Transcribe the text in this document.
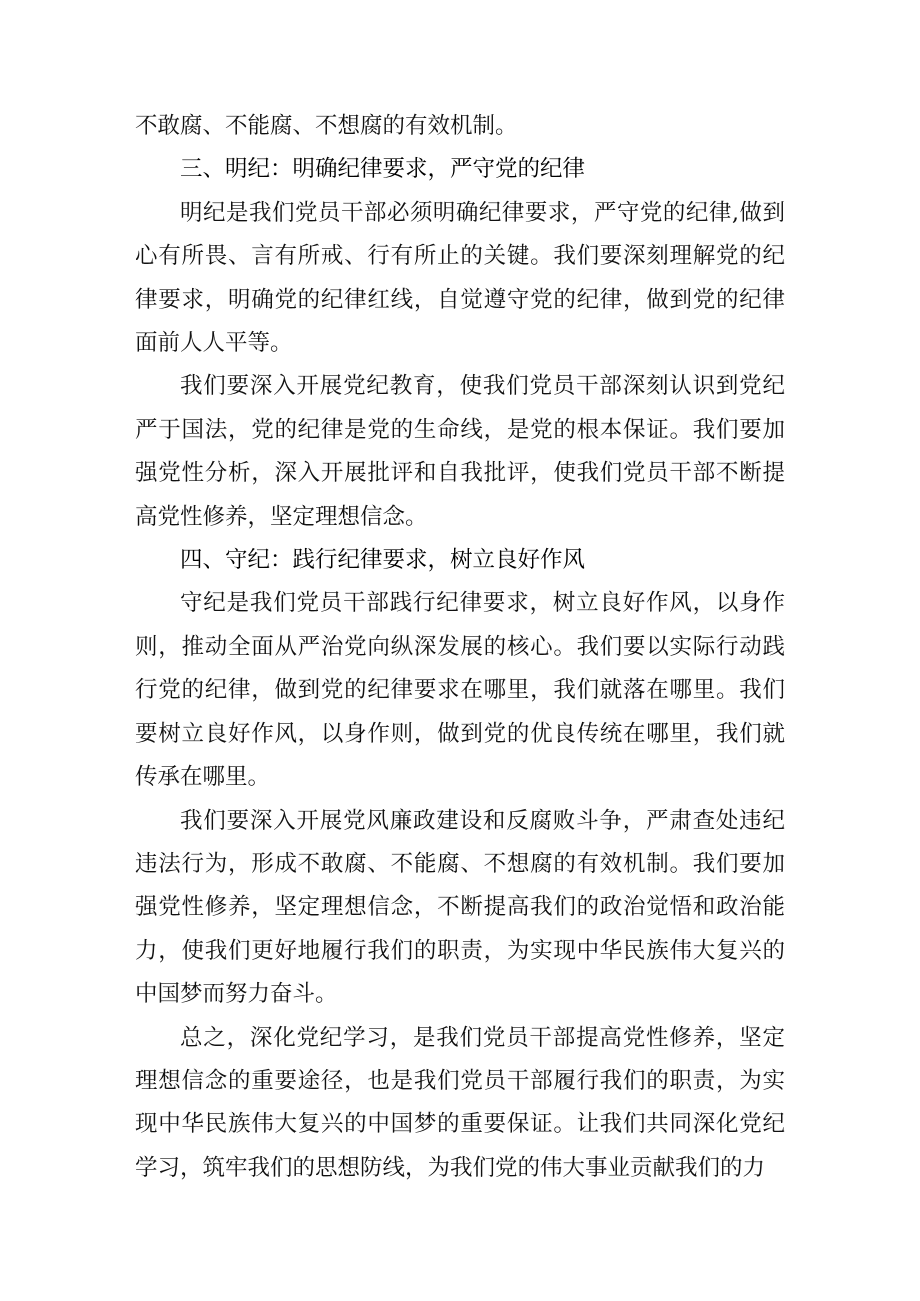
不敢腐、不能腐、不想腐的有效机制。

三、明纪：明确纪律要求，严守党的纪律

明纪是我们党员干部必须明确纪律要求，严守党的纪律,做到心有所畏、言有所戒、行有所止的关键。我们要深刻理解党的纪律要求，明确党的纪律红线，自觉遵守党的纪律，做到党的纪律面前人人平等。

我们要深入开展党纪教育，使我们党员干部深刻认识到党纪严于国法，党的纪律是党的生命线，是党的根本保证。我们要加强党性分析，深入开展批评和自我批评，使我们党员干部不断提高党性修养，坚定理想信念。

四、守纪：践行纪律要求，树立良好作风

守纪是我们党员干部践行纪律要求，树立良好作风，以身作则，推动全面从严治党向纵深发展的核心。我们要以实际行动践行党的纪律，做到党的纪律要求在哪里，我们就落在哪里。我们要树立良好作风，以身作则，做到党的优良传统在哪里，我们就传承在哪里。

我们要深入开展党风廉政建设和反腐败斗争，严肃查处违纪违法行为，形成不敢腐、不能腐、不想腐的有效机制。我们要加强党性修养，坚定理想信念，不断提高我们的政治觉悟和政治能力，使我们更好地履行我们的职责，为实现中华民族伟大复兴的中国梦而努力奋斗。

总之，深化党纪学习，是我们党员干部提高党性修养，坚定理想信念的重要途径，也是我们党员干部履行我们的职责，为实现中华民族伟大复兴的中国梦的重要保证。让我们共同深化党纪学习，筑牢我们的思想防线，为我们党的伟大事业贡献我们的力
